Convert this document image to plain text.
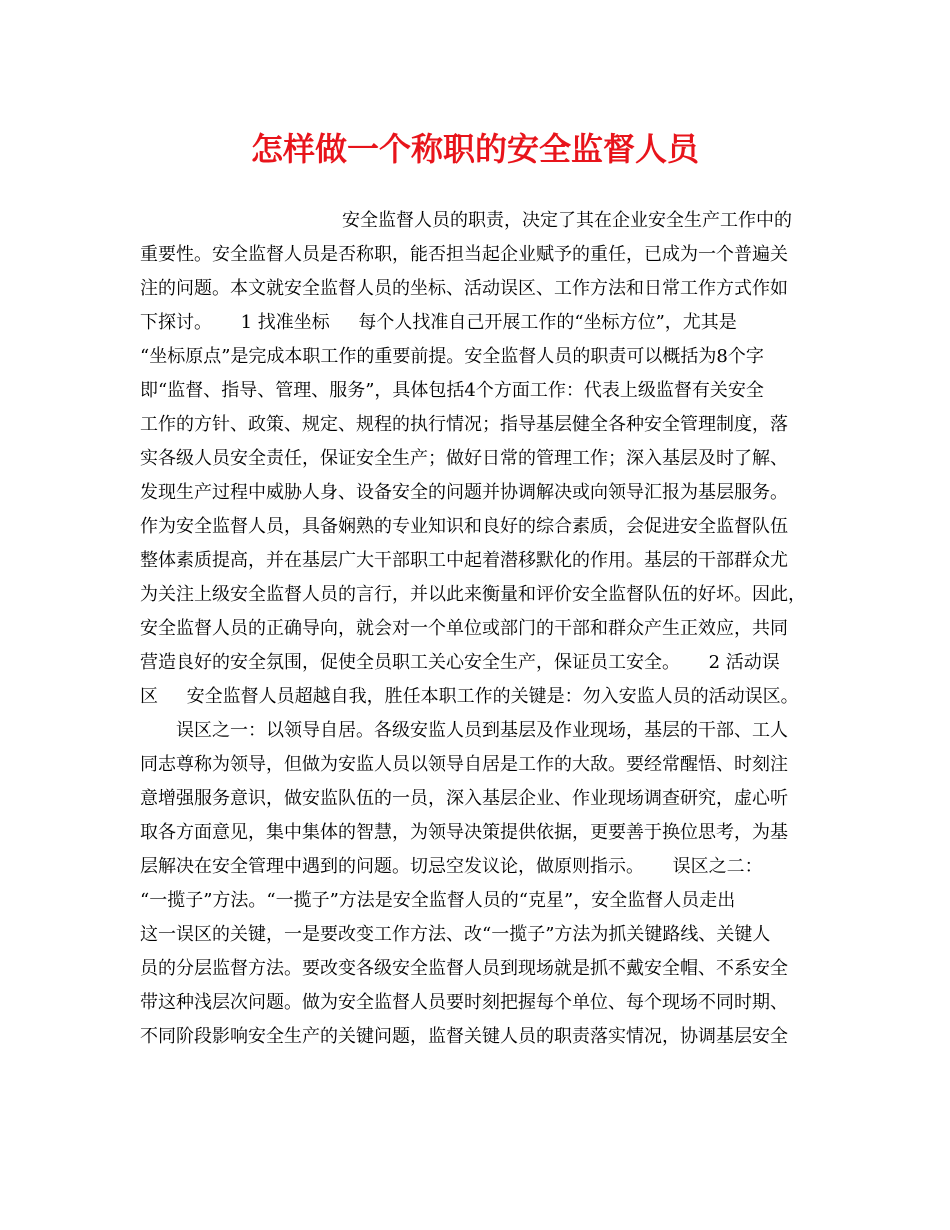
怎样做一个称职的安全监督人员

安全监督人员的职责，决定了其在企业安全生产工作中的

重要性。安全监督人员是否称职，能否担当起企业赋予的重任，已成为一个普遍关

注的问题。本文就安全监督人员的坐标、活动误区、工作方法和日常工作方式作如

下探讨。     1 找准坐标     每个人找准自己开展工作的“坐标方位”，尤其是

“坐标原点”是完成本职工作的重要前提。安全监督人员的职责可以概括为8个字

即“监督、指导、管理、服务”，具体包括4个方面工作：代表上级监督有关安全

工作的方针、政策、规定、规程的执行情况；指导基层健全各种安全管理制度，落

实各级人员安全责任，保证安全生产；做好日常的管理工作；深入基层及时了解、

发现生产过程中威胁人身、设备安全的问题并协调解决或向领导汇报为基层服务。

作为安全监督人员，具备娴熟的专业知识和良好的综合素质，会促进安全监督队伍

整体素质提高，并在基层广大干部职工中起着潜移默化的作用。基层的干部群众尤

为关注上级安全监督人员的言行，并以此来衡量和评价安全监督队伍的好坏。因此，

安全监督人员的正确导向，就会对一个单位或部门的干部和群众产生正效应，共同

营造良好的安全氛围，促使全员职工关心安全生产，保证员工安全。     2 活动误

区     安全监督人员超越自我，胜任本职工作的关键是：勿入安监人员的活动误区。

误区之一：以领导自居。各级安监人员到基层及作业现场，基层的干部、工人

同志尊称为领导，但做为安监人员以领导自居是工作的大敌。要经常醒悟、时刻注

意增强服务意识，做安监队伍的一员，深入基层企业、作业现场调查研究，虚心听

取各方面意见，集中集体的智慧，为领导决策提供依据，更要善于换位思考，为基

层解决在安全管理中遇到的问题。切忌空发议论，做原则指示。     误区之二：

“一揽子”方法。“一揽子”方法是安全监督人员的“克星”，安全监督人员走出

这一误区的关键，一是要改变工作方法、改“一揽子”方法为抓关键路线、关键人

员的分层监督方法。要改变各级安全监督人员到现场就是抓不戴安全帽、不系安全

带这种浅层次问题。做为安全监督人员要时刻把握每个单位、每个现场不同时期、

不同阶段影响安全生产的关键问题，监督关键人员的职责落实情况，协调基层安全
